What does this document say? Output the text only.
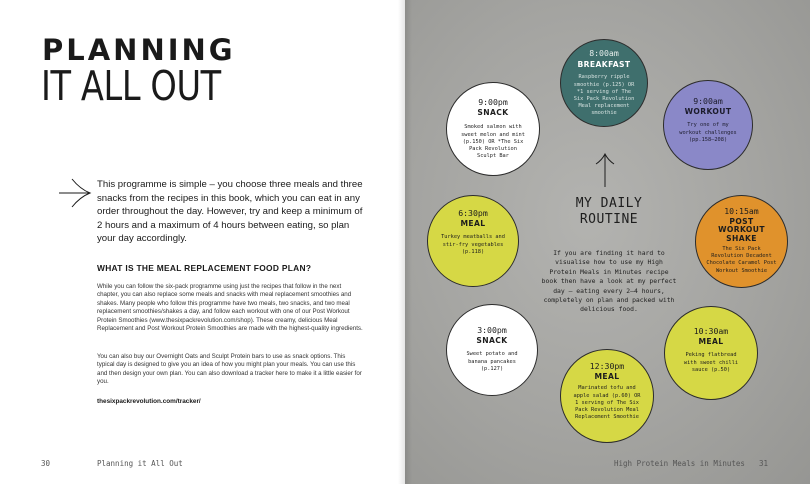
PLANNING
IT ALL OUT
This programme is simple – you choose three meals and three snacks from the recipes in this book, which you can eat in any order throughout the day. However, try and keep a minimum of 2 hours and a maximum of 4 hours between eating, so plan your day accordingly.
WHAT IS THE MEAL REPLACEMENT FOOD PLAN?
While you can follow the six-pack programme using just the recipes that follow in the next chapter, you can also replace some meals and snacks with meal replacement smoothies and shakes. Many people who follow this programme have two meals, two snacks, and two meal replacement smoothies/shakes a day, and follow each workout with one of our Post Workout Protein Smoothies (www.thesixpackrevolution.com/shop). These creamy, delicious Meal Replacement and Post Workout Protein Smoothies are made with the highest-quality ingredients.
You can also buy our Overnight Oats and Sculpt Protein bars to use as snack options. This typical day is designed to give you an idea of how you might plan your meals. You can use this and then design your own plan. You can also download a tracker here to make it a little easier for you.
thesixpackrevolution.com/tracker/
30	Planning it All Out
8:00am
BREAKFAST
Raspberry ripple smoothie (p.125) OR *1 serving of The Six Pack Revolution Meal replacement smoothie
9:00am
WORKOUT
Try one of my workout challenges (pp.158–208)
10:15am
POST WORKOUT SHAKE
The Six Pack Revolution Decadent Chocolate Caramel Post Workout Smoothie
10:30am
MEAL
Peking flatbread with sweet chilli sauce (p.50)
12:30pm
MEAL
Marinated tofu and apple salad (p.60) OR 1 serving of The Six Pack Revolution Meal Replacement Smoothie
3:00pm
SNACK
Sweet potato and banana pancakes (p.127)
6:30pm
MEAL
Turkey meatballs and stir-fry vegetables (p.118)
9:00pm
SNACK
Smoked salmon with sweet melon and mint (p.150) OR *The Six Pack Revolution Sculpt Bar
MY DAILY ROUTINE
If you are finding it hard to visualise how to use my High Protein Meals in Minutes recipe book then have a look at my perfect day – eating every 2–4 hours, completely on plan and packed with delicious food.
High Protein Meals in Minutes 31
